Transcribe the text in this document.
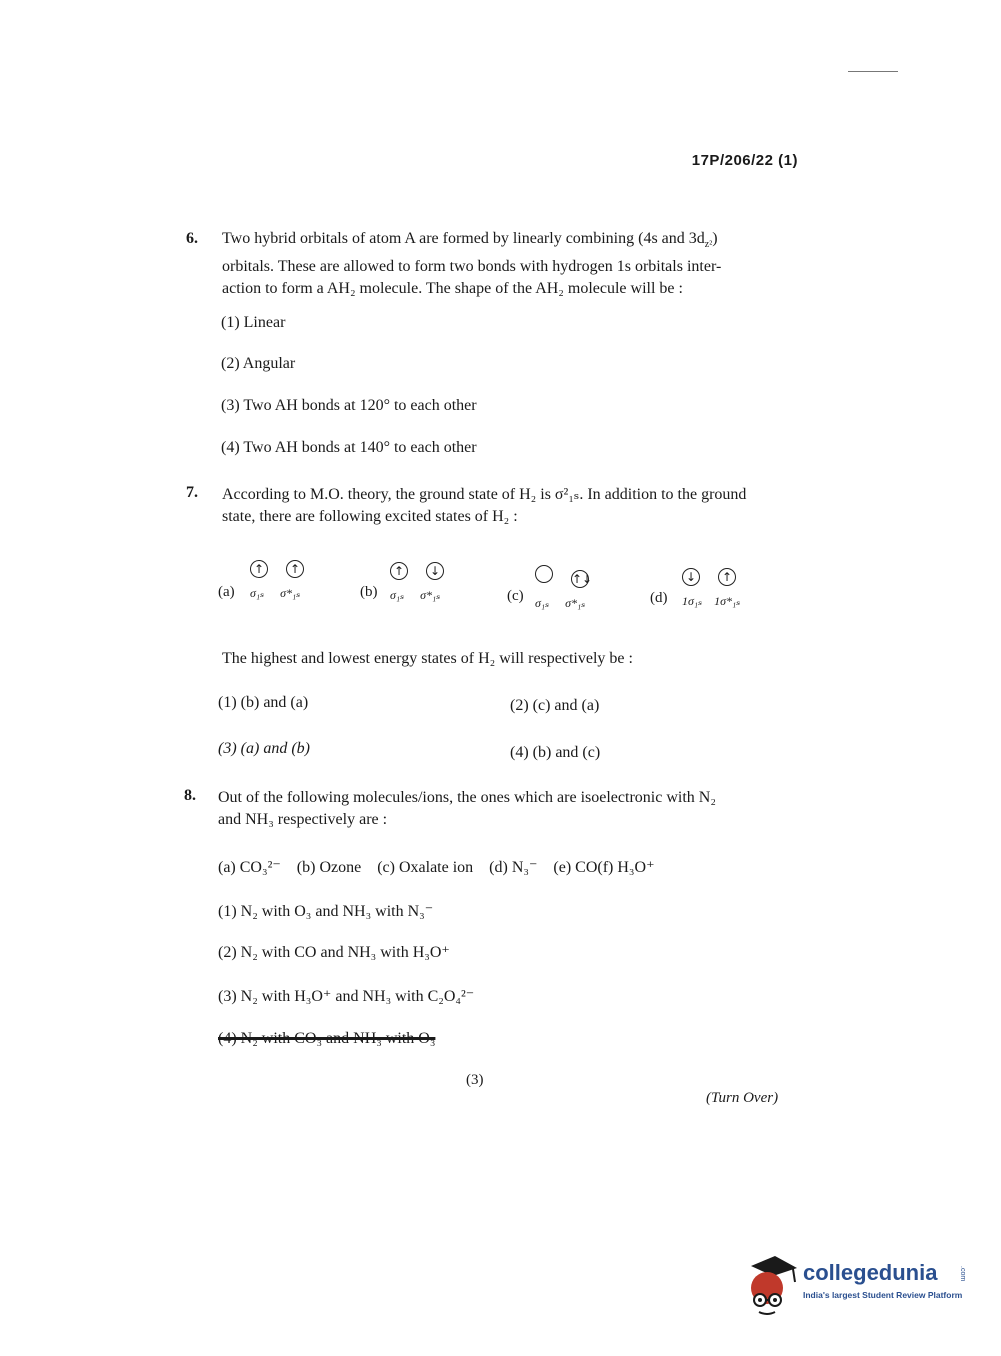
17P/206/22 (1)
6. Two hybrid orbitals of atom A are formed by linearly combining (4s and $3d_{z^2}$)
orbitals. These are allowed to form two bonds with hydrogen 1s orbitals inter-
action to form a AH₂ molecule. The shape of the AH₂ molecule will be :
(1) Linear
(2) Angular
(3) Two AH bonds at 120° to each other
(4) Two AH bonds at 140° to each other
7. According to M.O. theory, the ground state of H₂ is σ²₁ₛ. In addition to the ground
state, there are following excited states of H₂ :
(a)
↑ ↑
σ₁ₛ σ*₁ₛ	(b)
↑ ↓
σ₁ₛ σ*₁ₛ	(c)
↑↓
σ₁ₛ σ*₁ₛ	(d)
↓ ↑
1σ₁ₛ 1σ*₁ₛ
The highest and lowest energy states of H₂ will respectively be :
(1) (b) and (a)	(2) (c) and (a)
(3) (a) and (b)	(4) (b) and (c)
8. Out of the following molecules/ions, the ones which are isoelectronic with N₂
and NH₃ respectively are :
(a) CO₃²⁻    (b) Ozone    (c) Oxalate ion    (d) N₃⁻    (e) CO(f) H₃O⁺
(1) N₂ with O₃ and NH₃ with N₃⁻
(2) N₂ with CO and NH₃ with H₃O⁺
(3) N₂ with H₃O⁺ and NH₃ with C₂O₄²⁻
(4) N₂ with CO₃ and NH₃ with O₃
(3)
(Turn Over)
collegedunia	.com
India's largest Student Review Platform
